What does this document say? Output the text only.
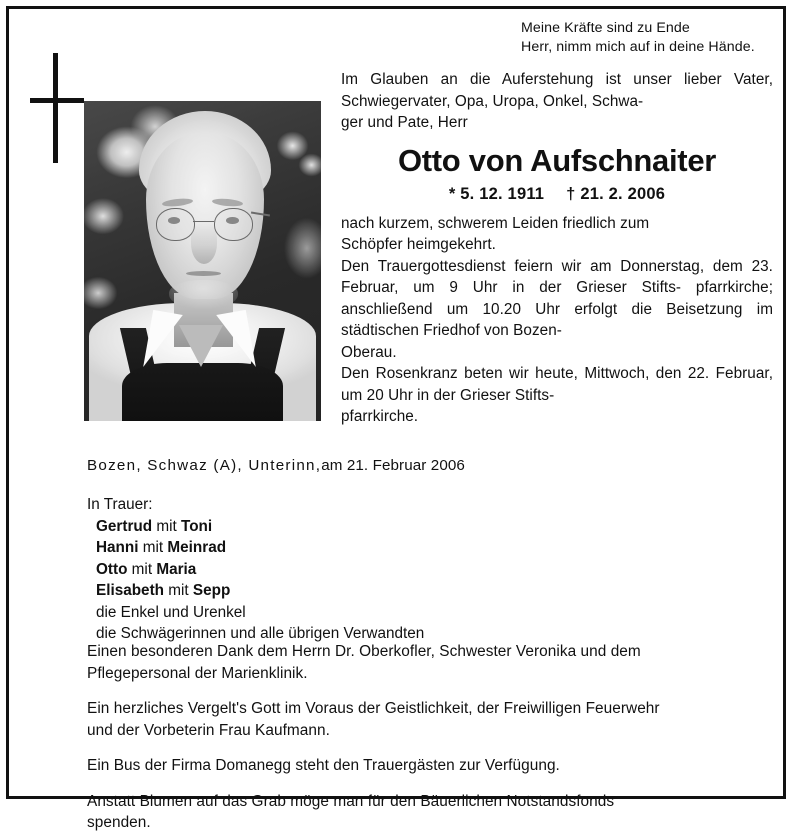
Meine Kräfte sind zu Ende
Herr, nimm mich auf in deine Hände.
Im Glauben an die Auferstehung ist unser lieber Vater, Schwiegervater, Opa, Uropa, Onkel, Schwa-
ger und Pate, Herr
Otto von Aufschnaiter
* 5. 12. 1911 † 21. 2. 2006
nach kurzem, schwerem Leiden friedlich zum
Schöpfer heimgekehrt.
Den Trauergottesdienst feiern wir am Donnerstag, dem 23. Februar, um 9 Uhr in der Grieser Stifts- pfarrkirche; anschließend um 10.20 Uhr erfolgt die Beisetzung im städtischen Friedhof von Bozen-
Oberau.
Den Rosenkranz beten wir heute, Mittwoch, den 22. Februar, um 20 Uhr in der Grieser Stifts-
pfarrkirche.
Bozen, Schwaz (A), Unterinn,am 21. Februar 2006
In Trauer:
Gertrud mit Toni
Hanni mit Meinrad
Otto mit Maria
Elisabeth mit Sepp
die Enkel und Urenkel
die Schwägerinnen und alle übrigen Verwandten

Einen besonderen Dank dem Herrn Dr. Oberkofler, Schwester Veronika und dem
Pflegepersonal der Marienklinik.

Ein herzliches Vergelt's Gott im Voraus der Geistlichkeit, der Freiwilligen Feuerwehr
und der Vorbeterin Frau Kaufmann.

Ein Bus der Firma Domanegg steht den Trauergästen zur Verfügung.

Anstatt Blumen auf das Grab möge man für den Bäuerlichen Notstandsfonds
spenden.
